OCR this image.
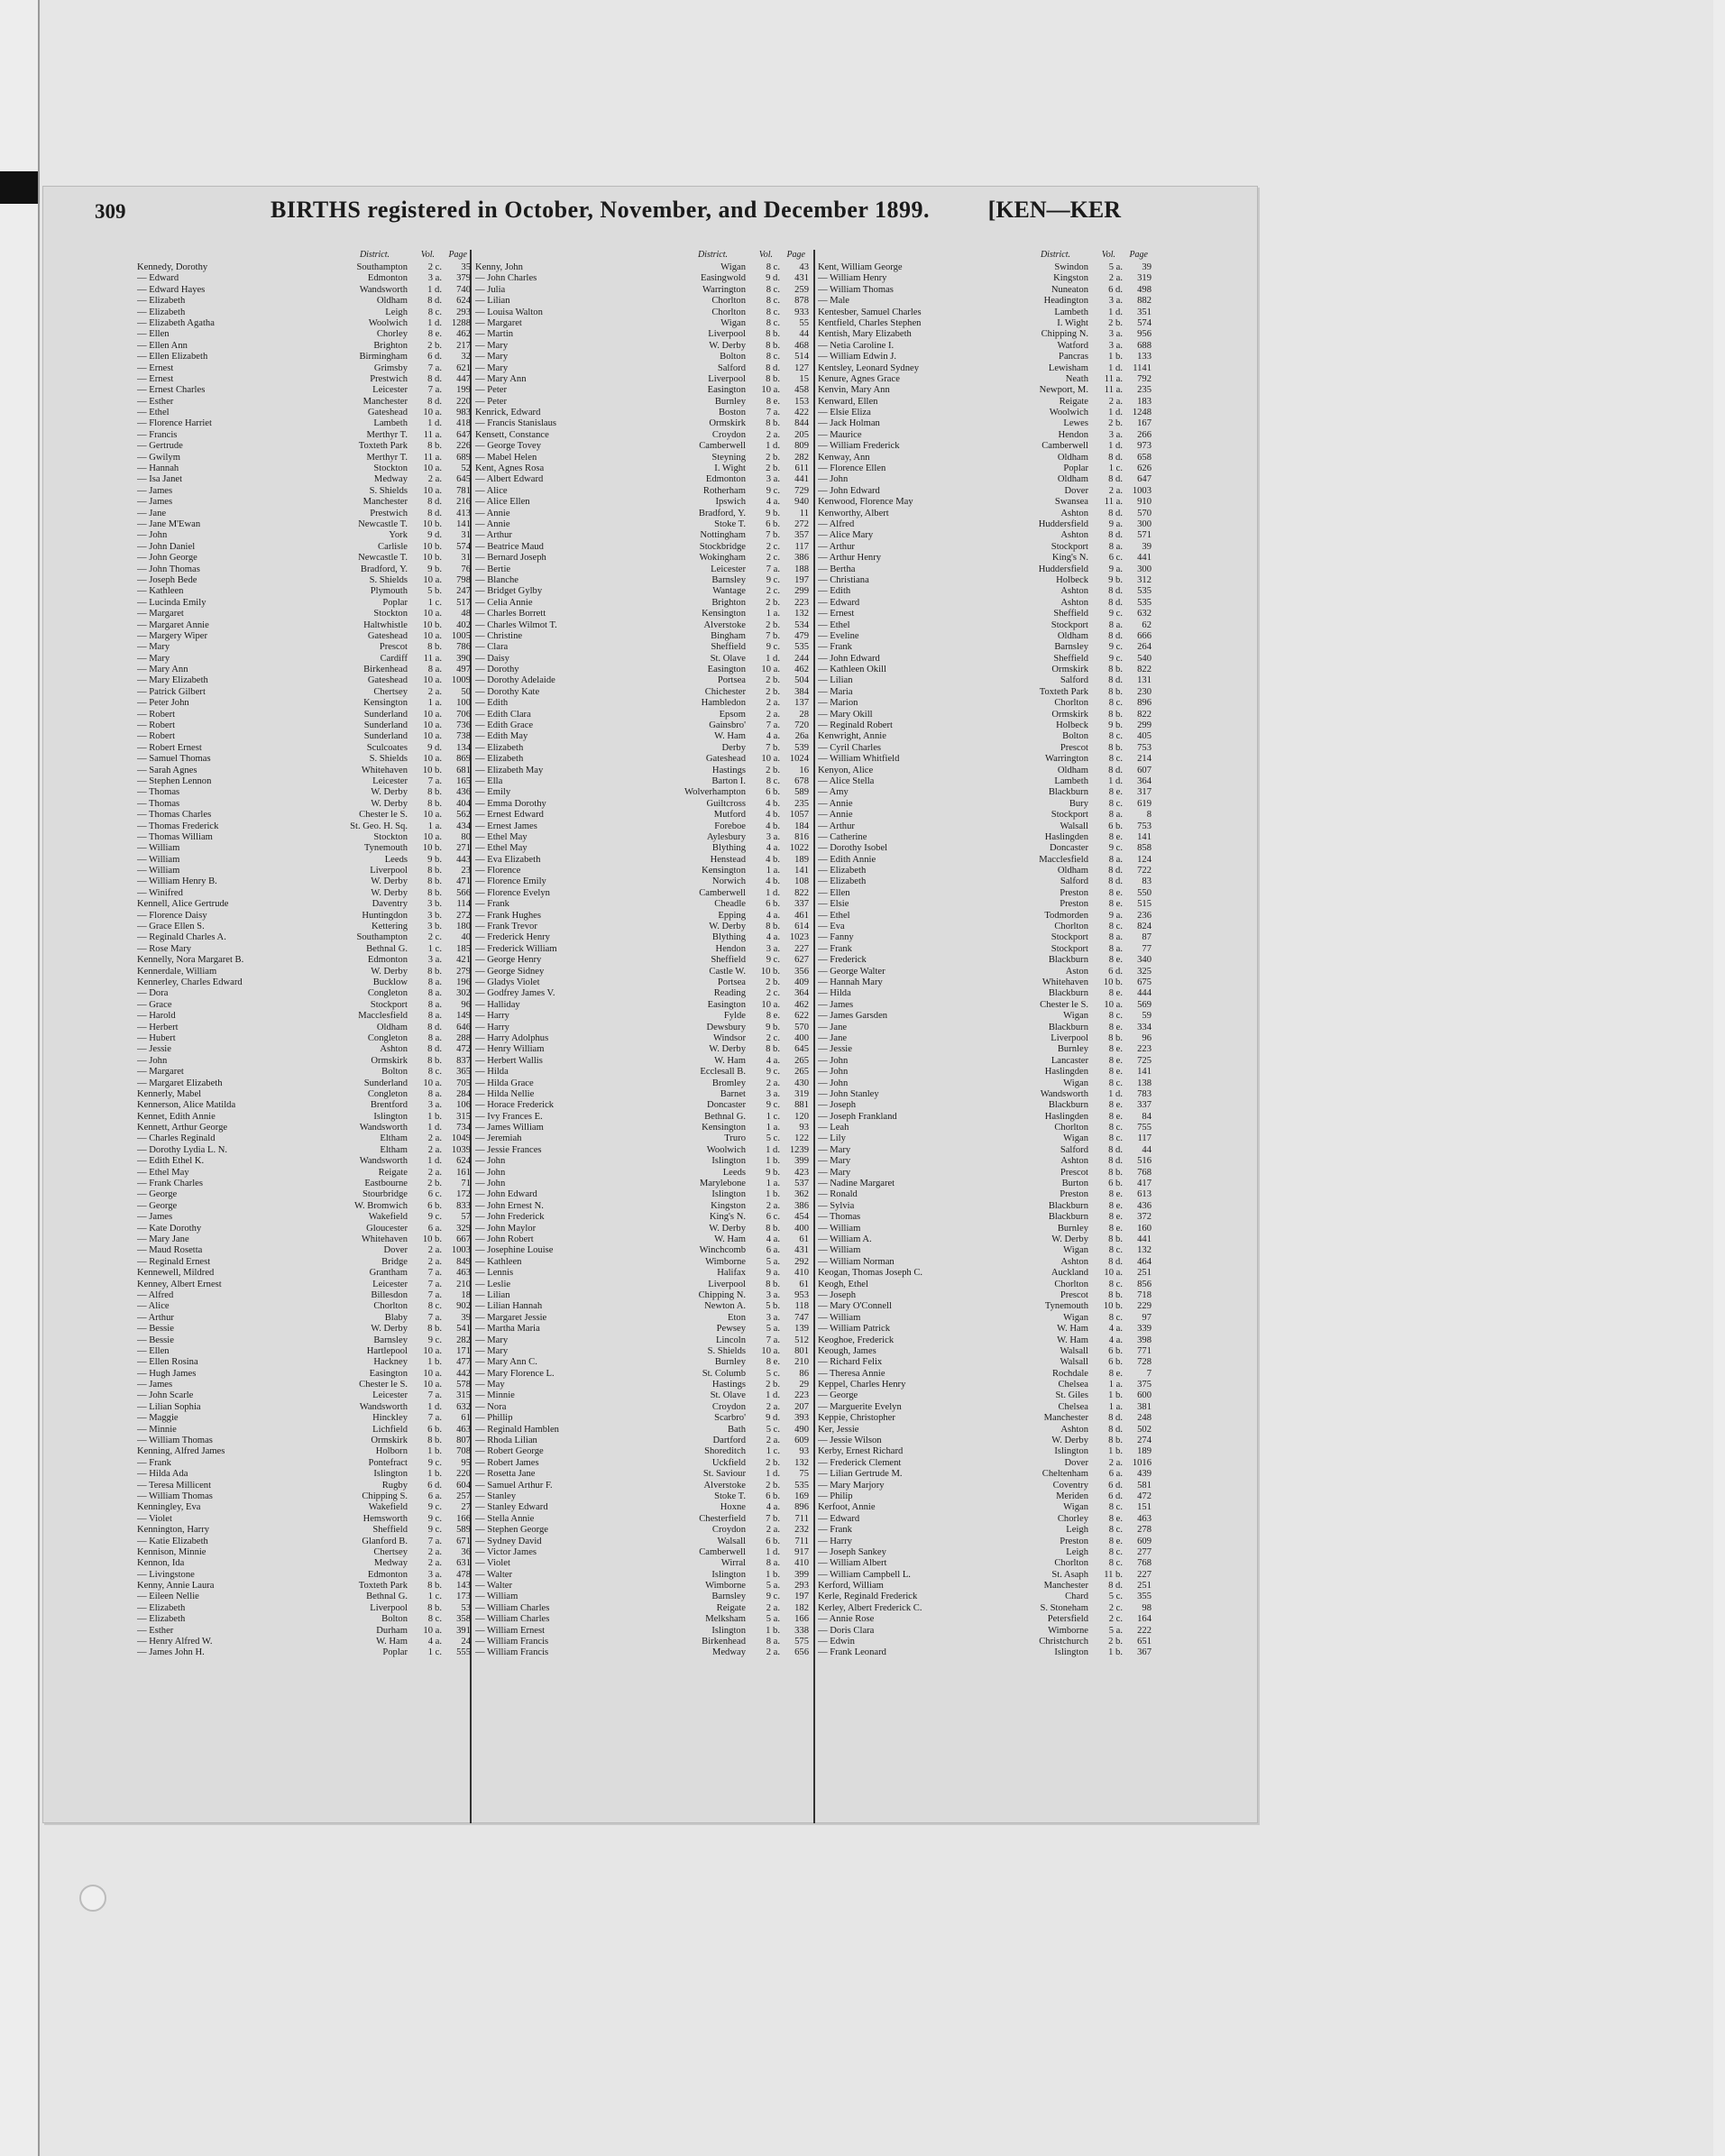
309	BIRTHS registered in October, November, and December 1899. [KEN—KER
District.	Vol. Page
Kennedy, Dorothy	Southampton	2 c.	35
— Edward	Edmonton	3 a.	379
— Edward Hayes	Wandsworth	1 d.	740
— Elizabeth	Oldham	8 d.	624
— Elizabeth	Leigh	8 c.	293
— Elizabeth Agatha	Woolwich	1 d.	1288
— Ellen	Chorley	8 e.	462
— Ellen Ann	Brighton	2 b.	217
— Ellen Elizabeth	Birmingham	6 d.	32
— Ernest	Grimsby	7 a.	621
— Ernest	Prestwich	8 d.	447
— Ernest Charles	Leicester	7 a.	199
— Esther	Manchester	8 d.	220
— Ethel	Gateshead	10 a.	983
— Florence Harriet	Lambeth	1 d.	418
— Francis	Merthyr T.	11 a.	647
— Gertrude	Toxteth Park	8 b.	226
— Gwilym	Merthyr T.	11 a.	689
— Hannah	Stockton	10 a.	52
— Isa Janet	Medway	2 a.	645
— James	S. Shields	10 a.	781
— James	Manchester	8 d.	216
— Jane	Prestwich	8 d.	413
— Jane M'Ewan	Newcastle T.	10 b.	141
— John	York	9 d.	31
— John Daniel	Carlisle	10 b.	574
— John George	Newcastle T.	10 b.	31
— John Thomas	Bradford, Y.	9 b.	76
— Joseph Bede	S. Shields	10 a.	798
— Kathleen	Plymouth	5 b.	247
— Lucinda Emily	Poplar	1 c.	517
— Margaret	Stockton	10 a.	48
— Margaret Annie	Haltwhistle	10 b.	402
— Margery Wiper	Gateshead	10 a.	1005
— Mary	Prescot	8 b.	786
— Mary	Cardiff	11 a.	390
— Mary Ann	Birkenhead	8 a.	497
— Mary Elizabeth	Gateshead	10 a.	1009
— Patrick Gilbert	Chertsey	2 a.	50
— Peter John	Kensington	1 a.	100
— Robert	Sunderland	10 a.	706
— Robert	Sunderland	10 a.	736
— Robert	Sunderland	10 a.	738
— Robert Ernest	Sculcoates	9 d.	134
— Samuel Thomas	S. Shields	10 a.	869
— Sarah Agnes	Whitehaven	10 b.	681
— Stephen Lennon	Leicester	7 a.	165
— Thomas	W. Derby	8 b.	436
— Thomas	W. Derby	8 b.	404
— Thomas Charles	Chester le S.	10 a.	562
— Thomas Frederick	St. Geo. H. Sq.	1 a.	434
— Thomas William	Stockton	10 a.	80
— William	Tynemouth	10 b.	271
— William	Leeds	9 b.	443
— William	Liverpool	8 b.	23
— William Henry B.	W. Derby	8 b.	471
— Winifred	W. Derby	8 b.	566
Kennell, Alice Gertrude	Daventry	3 b.	114
— Florence Daisy	Huntingdon	3 b.	272
— Grace Ellen S.	Kettering	3 b.	180
— Reginald Charles A.	Southampton	2 c.	40
— Rose Mary	Bethnal G.	1 c.	185
Kennelly, Nora Margaret B.	Edmonton	3 a.	421
Kennerdale, William	W. Derby	8 b.	279
Kennerley, Charles Edward	Bucklow	8 a.	196
— Dora	Congleton	8 a.	302
— Grace	Stockport	8 a.	96
— Harold	Macclesfield	8 a.	149
— Herbert	Oldham	8 d.	646
— Hubert	Congleton	8 a.	288
— Jessie	Ashton	8 d.	472
— John	Ormskirk	8 b.	837
— Margaret	Bolton	8 c.	365
— Margaret Elizabeth	Sunderland	10 a.	705
Kennerly, Mabel	Congleton	8 a.	284
Kennerson, Alice Matilda	Brentford	3 a.	106
Kennet, Edith Annie	Islington	1 b.	315
Kennett, Arthur George	Wandsworth	1 d.	734
— Charles Reginald	Eltham	2 a.	1049
— Dorothy Lydia L. N.	Eltham	2 a.	1039
— Edith Ethel K.	Wandsworth	1 d.	624
— Ethel May	Reigate	2 a.	161
— Frank Charles	Eastbourne	2 b.	71
— George	Stourbridge	6 c.	172
— George	W. Bromwich	6 b.	833
— James	Wakefield	9 c.	57
— Kate Dorothy	Gloucester	6 a.	329
— Mary Jane	Whitehaven	10 b.	667
— Maud Rosetta	Dover	2 a.	1003
— Reginald Ernest	Bridge	2 a.	849
Kennewell, Mildred	Grantham	7 a.	463
Kenney, Albert Ernest	Leicester	7 a.	210
— Alfred	Billesdon	7 a.	18
— Alice	Chorlton	8 c.	902
— Arthur	Blaby	7 a.	39
— Bessie	W. Derby	8 b.	541
— Bessie	Barnsley	9 c.	282
— Ellen	Hartlepool	10 a.	171
— Ellen Rosina	Hackney	1 b.	477
— Hugh James	Easington	10 a.	442
— James	Chester le S.	10 a.	578
— John Scarle	Leicester	7 a.	315
— Lilian Sophia	Wandsworth	1 d.	632
— Maggie	Hinckley	7 a.	61
— Minnie	Lichfield	6 b.	463
— William Thomas	Ormskirk	8 b.	807
Kenning, Alfred James	Holborn	1 b.	708
— Frank	Pontefract	9 c.	95
— Hilda Ada	Islington	1 b.	220
— Teresa Millicent	Rugby	6 d.	604
— William Thomas	Chipping S.	6 a.	257
Kenningley, Eva	Wakefield	9 c.	27
— Violet	Hemsworth	9 c.	166
Kennington, Harry	Sheffield	9 c.	589
— Katie Elizabeth	Glanford B.	7 a.	671
Kennison, Minnie	Chertsey	2 a.	36
Kennon, Ida	Medway	2 a.	631
— Livingstone	Edmonton	3 a.	478
Kenny, Annie Laura	Toxteth Park	8 b.	143
— Eileen Nellie	Bethnal G.	1 c.	173
— Elizabeth	Liverpool	8 b.	53
— Elizabeth	Bolton	8 c.	358
— Esther	Durham	10 a.	391
— Henry Alfred W.	W. Ham	4 a.	24
— James John H.	Poplar	1 c.	555
District.	Vol. Page
Kenny, John	Wigan	8 c.	43
— John Charles	Easingwold	9 d.	431
— Julia	Warrington	8 c.	259
— Lilian	Chorlton	8 c.	878
— Louisa Walton	Chorlton	8 c.	933
— Margaret	Wigan	8 c.	55
— Martin	Liverpool	8 b.	44
— Mary	W. Derby	8 b.	468
— Mary	Bolton	8 c.	514
— Mary	Salford	8 d.	127
— Mary Ann	Liverpool	8 b.	15
— Peter	Easington	10 a.	458
— Peter	Burnley	8 e.	153
Kenrick, Edward	Boston	7 a.	422
— Francis Stanislaus	Ormskirk	8 b.	844
Kensett, Constance	Croydon	2 a.	205
— George Tovey	Camberwell	1 d.	809
— Mabel Helen	Steyning	2 b.	282
Kent, Agnes Rosa	I. Wight	2 b.	611
— Albert Edward	Edmonton	3 a.	441
— Alice	Rotherham	9 c.	729
— Alice Ellen	Ipswich	4 a.	940
— Annie	Bradford, Y.	9 b.	11
— Annie	Stoke T.	6 b.	272
— Arthur	Nottingham	7 b.	357
— Beatrice Maud	Stockbridge	2 c.	117
— Bernard Joseph	Wokingham	2 c.	386
— Bertie	Leicester	7 a.	188
— Blanche	Barnsley	9 c.	197
— Bridget Gylby	Wantage	2 c.	299
— Celia Annie	Brighton	2 b.	223
— Charles Borrett	Kensington	1 a.	132
— Charles Wilmot T.	Alverstoke	2 b.	534
— Christine	Bingham	7 b.	479
— Clara	Sheffield	9 c.	535
— Daisy	St. Olave	1 d.	244
— Dorothy	Easington	10 a.	462
— Dorothy Adelaide	Portsea	2 b.	504
— Dorothy Kate	Chichester	2 b.	384
— Edith	Hambledon	2 a.	137
— Edith Clara	Epsom	2 a.	28
— Edith Grace	Gainsbro'	7 a.	720
— Edith May	W. Ham	4 a.	26a
— Elizabeth	Derby	7 b.	539
— Elizabeth	Gateshead	10 a.	1024
— Elizabeth May	Hastings	2 b.	16
— Ella	Barton I.	8 c.	678
— Emily	Wolverhampton	6 b.	589
— Emma Dorothy	Guiltcross	4 b.	235
— Ernest Edward	Mutford	4 b.	1057
— Ernest James	Foreboe	4 b.	184
— Ethel May	Aylesbury	3 a.	816
— Ethel May	Blything	4 a.	1022
— Eva Elizabeth	Henstead	4 b.	189
— Florence	Kensington	1 a.	141
— Florence Emily	Norwich	4 b.	108
— Florence Evelyn	Camberwell	1 d.	822
— Frank	Cheadle	6 b.	337
— Frank Hughes	Epping	4 a.	461
— Frank Trevor	W. Derby	8 b.	614
— Frederick Henry	Blything	4 a.	1023
— Frederick William	Hendon	3 a.	227
— George Henry	Sheffield	9 c.	627
— George Sidney	Castle W.	10 b.	356
— Gladys Violet	Portsea	2 b.	409
— Godfrey James V.	Reading	2 c.	364
— Halliday	Easington	10 a.	462
— Harry	Fylde	8 e.	622
— Harry	Dewsbury	9 b.	570
— Harry Adolphus	Windsor	2 c.	400
— Henry William	W. Derby	8 b.	645
— Herbert Wallis	W. Ham	4 a.	265
— Hilda	Ecclesall B.	9 c.	265
— Hilda Grace	Bromley	2 a.	430
— Hilda Nellie	Barnet	3 a.	319
— Horace Frederick	Doncaster	9 c.	881
— Ivy Frances E.	Bethnal G.	1 c.	120
— James William	Kensington	1 a.	93
— Jeremiah	Truro	5 c.	122
— Jessie Frances	Woolwich	1 d.	1239
— John	Islington	1 b.	399
— John	Leeds	9 b.	423
— John	Marylebone	1 a.	537
— John Edward	Islington	1 b.	362
— John Ernest N.	Kingston	2 a.	386
— John Frederick	King's N.	6 c.	454
— John Maylor	W. Derby	8 b.	400
— John Robert	W. Ham	4 a.	61
— Josephine Louise	Winchcomb	6 a.	431
— Kathleen	Wimborne	5 a.	292
— Lennis	Halifax	9 a.	410
— Leslie	Liverpool	8 b.	61
— Lilian	Chipping N.	3 a.	953
— Lilian Hannah	Newton A.	5 b.	118
— Margaret Jessie	Eton	3 a.	747
— Martha Maria	Pewsey	5 a.	139
— Mary	Lincoln	7 a.	512
— Mary	S. Shields	10 a.	801
— Mary Ann C.	Burnley	8 e.	210
— Mary Florence L.	St. Columb	5 c.	86
— May	Hastings	2 b.	29
— Minnie	St. Olave	1 d.	223
— Nora	Croydon	2 a.	207
— Phillip	Scarbro'	9 d.	393
— Reginald Hamblen	Bath	5 c.	490
— Rhoda Lilian	Dartford	2 a.	609
— Robert George	Shoreditch	1 c.	93
— Robert James	Uckfield	2 b.	132
— Rosetta Jane	St. Saviour	1 d.	75
— Samuel Arthur F.	Alverstoke	2 b.	535
— Stanley	Stoke T.	6 b.	169
— Stanley Edward	Hoxne	4 a.	896
— Stella Annie	Chesterfield	7 b.	711
— Stephen George	Croydon	2 a.	232
— Sydney David	Walsall	6 b.	711
— Victor James	Camberwell	1 d.	917
— Violet	Wirral	8 a.	410
— Walter	Islington	1 b.	399
— Walter	Wimborne	5 a.	293
— William	Barnsley	9 c.	197
— William Charles	Reigate	2 a.	182
— William Charles	Melksham	5 a.	166
— William Ernest	Islington	1 b.	338
— William Francis	Birkenhead	8 a.	575
— William Francis	Medway	2 a.	656
District.	Vol. Page
Kent, William George	Swindon	5 a.	39
— William Henry	Kingston	2 a.	319
— William Thomas	Nuneaton	6 d.	498
— Male	Headington	3 a.	882
Kentesber, Samuel Charles	Lambeth	1 d.	351
Kentfield, Charles Stephen	I. Wight	2 b.	574
Kentish, Mary Elizabeth	Chipping N.	3 a.	956
— Netia Caroline I.	Watford	3 a.	688
— William Edwin J.	Pancras	1 b.	133
Kentsley, Leonard Sydney	Lewisham	1 d.	1141
Kenure, Agnes Grace	Neath	11 a.	792
Kenvin, Mary Ann	Newport, M.	11 a.	235
Kenward, Ellen	Reigate	2 a.	183
— Elsie Eliza	Woolwich	1 d.	1248
— Jack Holman	Lewes	2 b.	167
— Maurice	Hendon	3 a.	266
— William Frederick	Camberwell	1 d.	973
Kenway, Ann	Oldham	8 d.	658
— Florence Ellen	Poplar	1 c.	626
— John	Oldham	8 d.	647
— John Edward	Dover	2 a.	1003
Kenwood, Florence May	Swansea	11 a.	910
Kenworthy, Albert	Ashton	8 d.	570
— Alfred	Huddersfield	9 a.	300
— Alice Mary	Ashton	8 d.	571
— Arthur	Stockport	8 a.	39
— Arthur Henry	King's N.	6 c.	441
— Bertha	Huddersfield	9 a.	300
— Christiana	Holbeck	9 b.	312
— Edith	Ashton	8 d.	535
— Edward	Ashton	8 d.	535
— Ernest	Sheffield	9 c.	632
— Ethel	Stockport	8 a.	62
— Eveline	Oldham	8 d.	666
— Frank	Barnsley	9 c.	264
— John Edward	Sheffield	9 c.	540
— Kathleen Okill	Ormskirk	8 b.	822
— Lilian	Salford	8 d.	131
— Maria	Toxteth Park	8 b.	230
— Marion	Chorlton	8 c.	896
— Mary Okill	Ormskirk	8 b.	822
— Reginald Robert	Holbeck	9 b.	299
Kenwright, Annie	Bolton	8 c.	405
— Cyril Charles	Prescot	8 b.	753
— William Whitfield	Warrington	8 c.	214
Kenyon, Alice	Oldham	8 d.	607
— Alice Stella	Lambeth	1 d.	364
— Amy	Blackburn	8 e.	317
— Annie	Bury	8 c.	619
— Annie	Stockport	8 a.	8
— Arthur	Walsall	6 b.	753
— Catherine	Haslingden	8 e.	141
— Dorothy Isobel	Doncaster	9 c.	858
— Edith Annie	Macclesfield	8 a.	124
— Elizabeth	Oldham	8 d.	722
— Elizabeth	Salford	8 d.	83
— Ellen	Preston	8 e.	550
— Elsie	Preston	8 e.	515
— Ethel	Todmorden	9 a.	236
— Eva	Chorlton	8 c.	824
— Fanny	Stockport	8 a.	87
— Frank	Stockport	8 a.	77
— Frederick	Blackburn	8 e.	340
— George Walter	Aston	6 d.	325
— Hannah Mary	Whitehaven	10 b.	675
— Hilda	Blackburn	8 e.	444
— James	Chester le S.	10 a.	569
— James Garsden	Wigan	8 c.	59
— Jane	Blackburn	8 e.	334
— Jane	Liverpool	8 b.	96
— Jessie	Burnley	8 e.	223
— John	Lancaster	8 e.	725
— John	Haslingden	8 e.	141
— John	Wigan	8 c.	138
— John Stanley	Wandsworth	1 d.	783
— Joseph	Blackburn	8 e.	337
— Joseph Frankland	Haslingden	8 e.	84
— Leah	Chorlton	8 c.	755
— Lily	Wigan	8 c.	117
— Mary	Salford	8 d.	44
— Mary	Ashton	8 d.	516
— Mary	Prescot	8 b.	768
— Nadine Margaret	Burton	6 b.	417
— Ronald	Preston	8 e.	613
— Sylvia	Blackburn	8 e.	436
— Thomas	Blackburn	8 e.	372
— William	Burnley	8 e.	160
— William A.	W. Derby	8 b.	441
— William	Wigan	8 c.	132
— William Norman	Ashton	8 d.	464
Keogan, Thomas Joseph C.	Auckland	10 a.	251
Keogh, Ethel	Chorlton	8 c.	856
— Joseph	Prescot	8 b.	718
— Mary O'Connell	Tynemouth	10 b.	229
— William	Wigan	8 c.	97
— William Patrick	W. Ham	4 a.	339
Keoghoe, Frederick	W. Ham	4 a.	398
Keough, James	Walsall	6 b.	771
— Richard Felix	Walsall	6 b.	728
— Theresa Annie	Rochdale	8 e.	7
Keppel, Charles Henry	Chelsea	1 a.	375
— George	St. Giles	1 b.	600
— Marguerite Evelyn	Chelsea	1 a.	381
Keppie, Christopher	Manchester	8 d.	248
Ker, Jessie	Ashton	8 d.	502
— Jessie Wilson	W. Derby	8 b.	274
Kerby, Ernest Richard	Islington	1 b.	189
— Frederick Clement	Dover	2 a.	1016
— Lilian Gertrude M.	Cheltenham	6 a.	439
— Mary Marjory	Coventry	6 d.	581
— Philip	Meriden	6 d.	472
Kerfoot, Annie	Wigan	8 c.	151
— Edward	Chorley	8 e.	463
— Frank	Leigh	8 c.	278
— Harry	Preston	8 e.	609
— Joseph Sankey	Leigh	8 c.	277
— William Albert	Chorlton	8 c.	768
— William Campbell L.	St. Asaph	11 b.	227
Kerford, William	Manchester	8 d.	251
Kerle, Reginald Frederick	Chard	5 c.	355
Kerley, Albert Frederick C.	S. Stoneham	2 c.	98
— Annie Rose	Petersfield	2 c.	164
— Doris Clara	Wimborne	5 a.	222
— Edwin	Christchurch	2 b.	651
— Frank Leonard	Islington	1 b.	367
